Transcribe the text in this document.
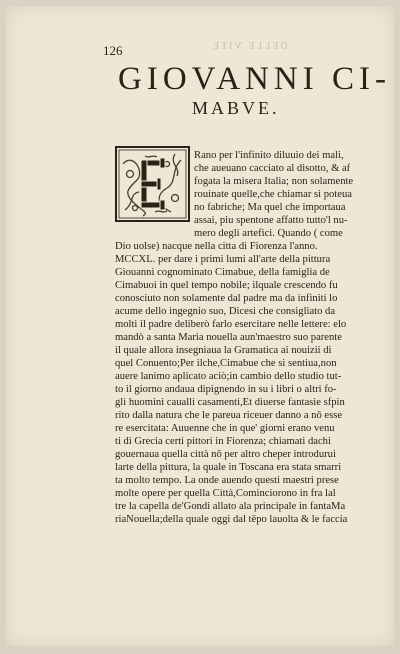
DELLE VITE
126
GIOVANNI CI-
MABVE.
Rano per l'infinito diluuio dei mali,
che aueuano cacciato al disotto, & af
fogata la misera Italia; non solamente
rouinate quelle,che chiamar si poteua
no fabriche; Ma quel che importaua
assai, piu spentone affatto tutto'l nu-
mero degli artefici. Quando ( come
Dio uolse) nacque nella citta di Fiorenza l'anno.
MCCXL. per dare i primi lumi all'arte della pittura
Giouanni cognominato Cimabue, della famiglia de
Cimabuoi in quel tempo nobile; ilquale crescendo fu
conosciuto non solamente dal padre ma da infiniti lo
acume dello ingegnio suo, Dicesi che consigliato da
molti il padre deliberò farlo esercitare nelle lettere: elo
mandò a santa Maria nouella aun'maestro suo parente
il quale allora insegniaua la Gramatica ai nouizii di
quel Conuento;Per ilche,Cimabue che si sentiua,non
auere lanimo aplicato aciò;in cambio dello studio tut-
to il giorno andaua dipignendo in su i libri o altri fo-
gli huomini caualli casamenti,Et diuerse fantasie sfpin
rito dalla natura che le pareua riceuer danno a nō esse
re esercitata: Auuenne che in que' giorni erano venu
ti di Grecia certi pittori in Fiorenza; chiamati dachi
gouernaua quella città nō per altro cheper introdurui
larte della pittura, la quale in Toscana era stata smarri
ta molto tempo. La onde auendo questi maestri prese
molte opere per quella Città,Cominciorono in fra lal
tre la capella de'Gondi allato ala principale in fantaMa
riaNouella;della quale oggi dal tēpo lauolta & le faccia
